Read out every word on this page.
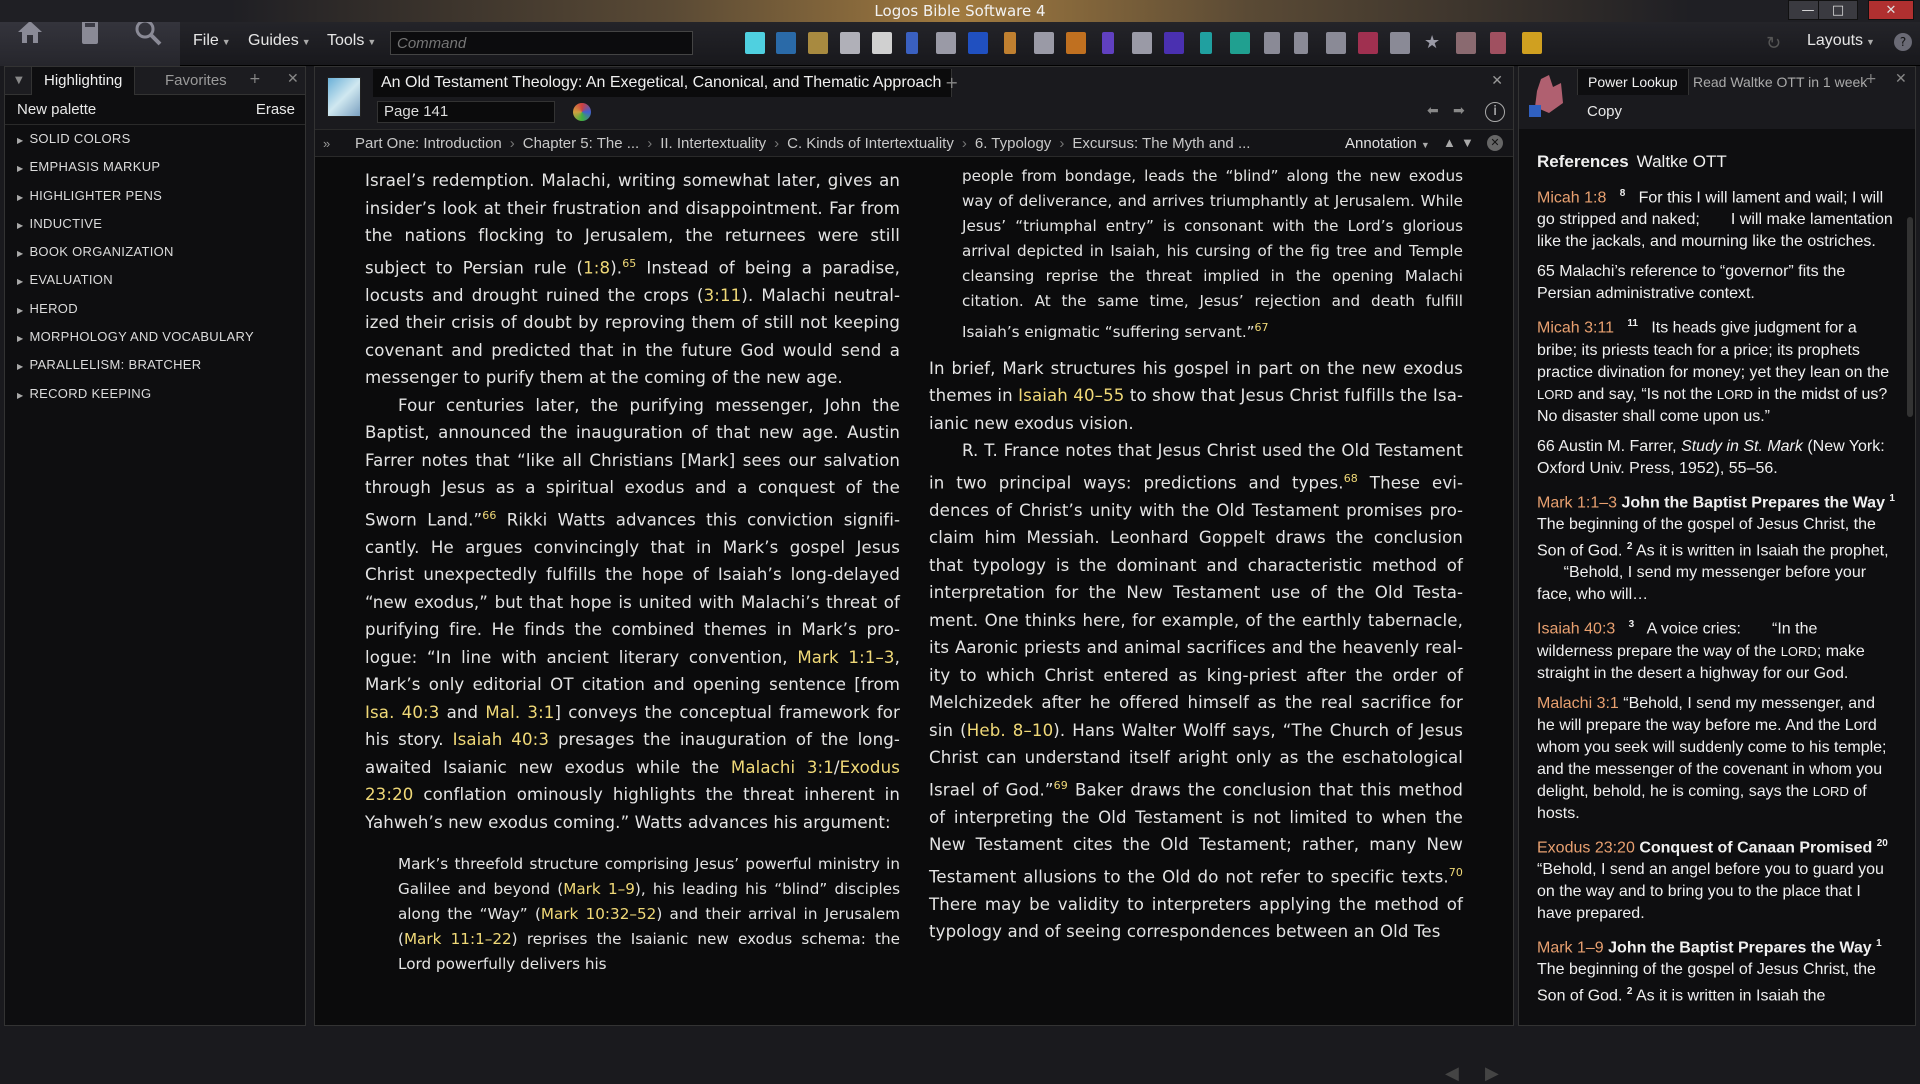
Logos Bible Software 4	—	□	✕
File ▼ Guides ▼ Tools ▼
Command	★	↻ Layouts ▼	?
▼	Highlighting	Favorites	+ ✕
New palette	Erase
▶ SOLID COLORS
▶ EMPHASIS MARKUP
▶ HIGHLIGHTER PENS
▶ INDUCTIVE
▶ BOOK ORGANIZATION
▶ EVALUATION
▶ HEROD
▶ MORPHOLOGY AND VOCABULARY
▶ PARALLELISM: BRATCHER
▶ RECORD KEEPING
An Old Testament Theology: An Exegetical, Canonical, and Thematic Approach +	✕
Page 141	⬅ ➡	i
» Part One: Introduction › Chapter 5: The ... › II. Intertextuality › C. Kinds of Intertextuality › 6. Typology › Excursus: The Myth and ...	Annotation ▼ ▲ ▼	✕

Israel’s redemption. Malachi, writing somewhat later, gives an insider’s look at their frustration and disappointment. Far from the nations flocking to Jerusalem, the returnees were still subject to Persian rule (1:8).$^{65}$ Instead of being a paradise, locusts and drought ruined the crops (3:11). Malachi neutralized their crisis of doubt by reproving them of still not keeping covenant and predicted that in the future God would send a messenger to purify them at the coming of the new age.

Four centuries later, the purifying messenger, John the Baptist, announced the inauguration of that new age. Austin Farrer notes that “like all Christians [Mark] sees our salvation through Jesus as a spiritual exodus and a conquest of the Sworn Land.”$^{66}$ Rikki Watts advances this conviction significantly. He argues convincingly that in Mark’s gospel Jesus Christ unexpectedly fulfills the hope of Isaiah’s long-delayed “new exodus,” but that hope is united with Malachi’s threat of purifying fire. He finds the combined themes in Mark’s prologue: “In line with ancient literary convention, Mark 1:1–3, Mark’s only editorial OT citation and opening sentence [from Isa. 40:3 and Mal. 3:1] conveys the conceptual framework for his story. Isaiah 40:3 presages the inauguration of the long-awaited Isaianic new exodus while the Malachi 3:1/Exodus 23:20 conflation ominously highlights the threat inherent in Yahweh’s new exodus coming.” Watts advances his argument:

Mark’s threefold structure comprising Jesus’ powerful ministry in Galilee and beyond (Mark 1–9), his leading his “blind” disciples along the “Way” (Mark 10:32–52) and their arrival in Jerusalem (Mark 11:1–22) reprises the Isaianic new exodus schema: the Lord powerfully delivers his

people from bondage, leads the “blind” along the new exodus way of deliverance, and arrives triumphantly at Jerusalem. While Jesus’ “triumphal entry” is consonant with the Lord’s glorious arrival depicted in Isaiah, his cursing of the fig tree and Temple cleansing reprise the threat implied in the opening Malachi citation. At the same time, Jesus’ rejection and death fulfill Isaiah’s enigmatic “suffering servant.”$^{67}$

In brief, Mark structures his gospel in part on the new exodus themes in Isaiah 40–55 to show that Jesus Christ fulfills the Isaianic new exodus vision.

R. T. France notes that Jesus Christ used the Old Testament in two principal ways: predictions and types.$^{68}$ These evidences of Christ’s unity with the Old Testament promises proclaim him Messiah. Leonhard Goppelt draws the conclusion that typology is the dominant and characteristic method of interpretation for the New Testament use of the Old Testament. One thinks here, for example, of the earthly tabernacle, its Aaronic priests and animal sacrifices and the heavenly reality to which Christ entered as king-priest after the order of Melchizedek after he offered himself as the real sacrifice for sin (Heb. 8–10). Hans Walter Wolff says, “The Church of Jesus Christ can understand itself aright only as the eschatological Israel of God.”$^{69}$ Baker draws the conclusion that this method of interpreting the Old Testament is not limited to when the New Testament cites the Old Testament; rather, many New Testament allusions to the Old do not refer to specific texts.$^{70}$ There may be validity to interpreters applying the method of typology and of seeing correspondences between an Old Tes

◀ ▶
Power Lookup	Read Waltke OTT in 1 week
+ ✕
Copy
References Waltke OTT
Micah 1:8 $^8$   For this I will lament and wail; I will go stripped and naked;       I will make lamentation like the jackals, and mourning like the ostriches.
65 Malachi’s reference to “governor” fits the Persian administrative context.
Micah 3:11 $^{11}$   Its heads give judgment for a bribe; its priests teach for a price; its prophets practice divination for money; yet they lean on the LORD and say, “Is not the LORD in the midst of us? No disaster shall come upon us.”
66 Austin M. Farrer, Study in St. Mark (New York: Oxford Univ. Press, 1952), 55–56.
Mark 1:1–3 John the Baptist Prepares the Way $^1$ The beginning of the gospel of Jesus Christ, the Son of God. $^2$ As it is written in Isaiah the prophet,       “Behold, I send my messenger before your face, who will…
Isaiah 40:3 $^3$   A voice cries:       “In the wilderness prepare the way of the LORD; make straight in the desert a highway for our God.
Malachi 3:1 “Behold, I send my messenger, and he will prepare the way before me. And the Lord whom you seek will suddenly come to his temple; and the messenger of the covenant in whom you delight, behold, he is coming, says the LORD of hosts.
Exodus 23:20 Conquest of Canaan Promised $^{20}$ “Behold, I send an angel before you to guard you on the way and to bring you to the place that I have prepared.
Mark 1–9 John the Baptist Prepares the Way $^1$ The beginning of the gospel of Jesus Christ, the Son of God. $^2$ As it is written in Isaiah the
